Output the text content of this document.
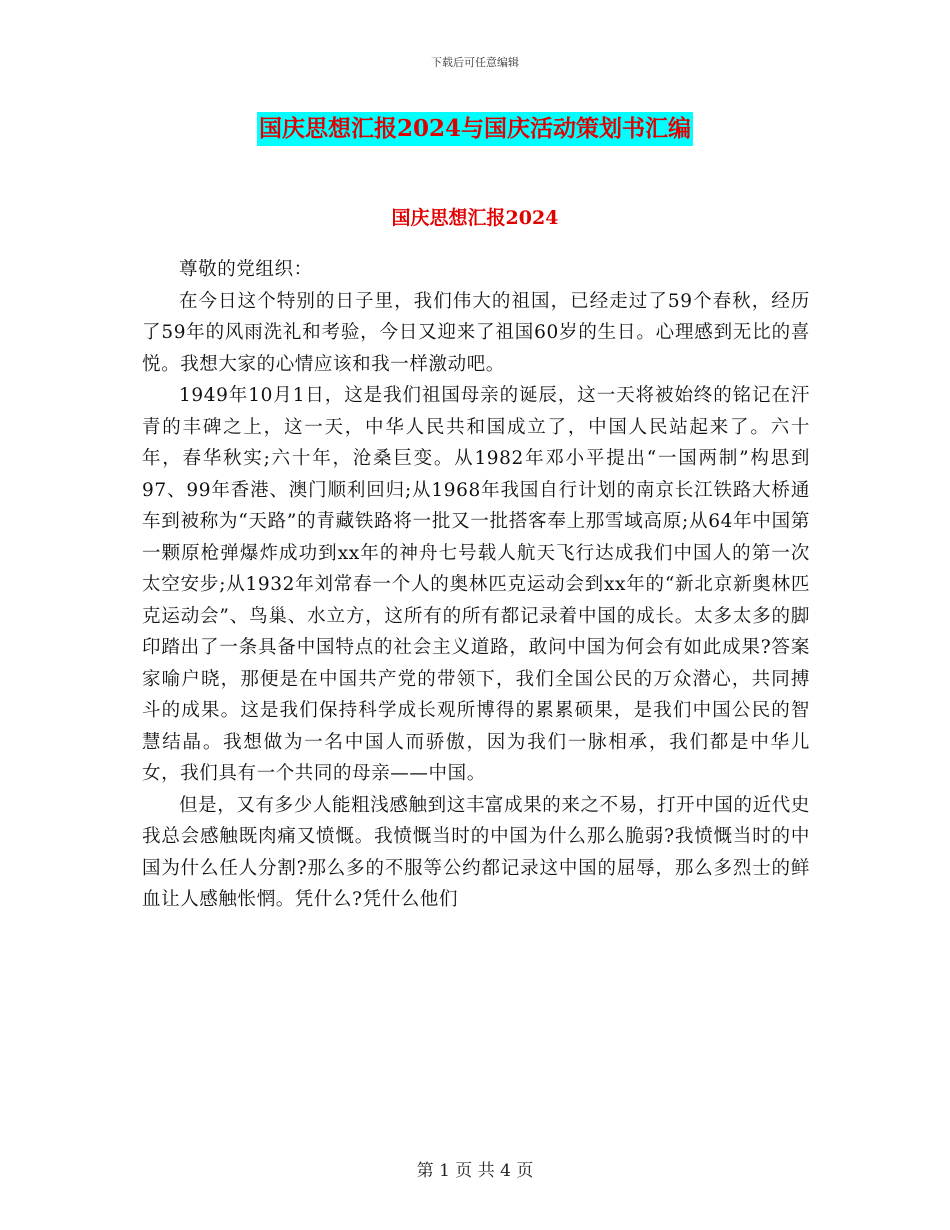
下载后可任意编辑
国庆思想汇报2024与国庆活动策划书汇编
国庆思想汇报2024

尊敬的党组织：

在今日这个特别的日子里，我们伟大的祖国，已经走过了59个春秋，经历了59年的风雨洗礼和考验，今日又迎来了祖国60岁的生日。心理感到无比的喜悦。我想大家的心情应该和我一样激动吧。

1949年10月1日，这是我们祖国母亲的诞辰，这一天将被始终的铭记在汗青的丰碑之上，这一天，中华人民共和国成立了，中国人民站起来了。六十年，春华秋实;六十年，沧桑巨变。从1982年邓小平提出“一国两制”构思到97、99年香港、澳门顺利回归;从1968年我国自行计划的南京长江铁路大桥通车到被称为“天路”的青藏铁路将一批又一批搭客奉上那雪域高原;从64年中国第一颗原枪弹爆炸成功到xx年的神舟七号载人航天飞行达成我们中国人的第一次太空安步;从1932年刘常春一个人的奥林匹克运动会到xx年的“新北京新奥林匹克运动会”、鸟巢、水立方，这所有的所有都记录着中国的成长。太多太多的脚印踏出了一条具备中国特点的社会主义道路，敢问中国为何会有如此成果?答案家喻户晓，那便是在中国共产党的带领下，我们全国公民的万众潜心，共同搏斗的成果。这是我们保持科学成长观所博得的累累硕果，是我们中国公民的智慧结晶。我想做为一名中国人而骄傲，因为我们一脉相承，我们都是中华儿女，我们具有一个共同的母亲——中国。

但是，又有多少人能粗浅感触到这丰富成果的来之不易，打开中国的近代史我总会感触既肉痛又愤慨。我愤慨当时的中国为什么那么脆弱?我愤慨当时的中国为什么任人分割?那么多的不服等公约都记录这中国的屈辱，那么多烈士的鲜血让人感触怅惘。凭什么?凭什么他们

第 1 页 共 4 页
